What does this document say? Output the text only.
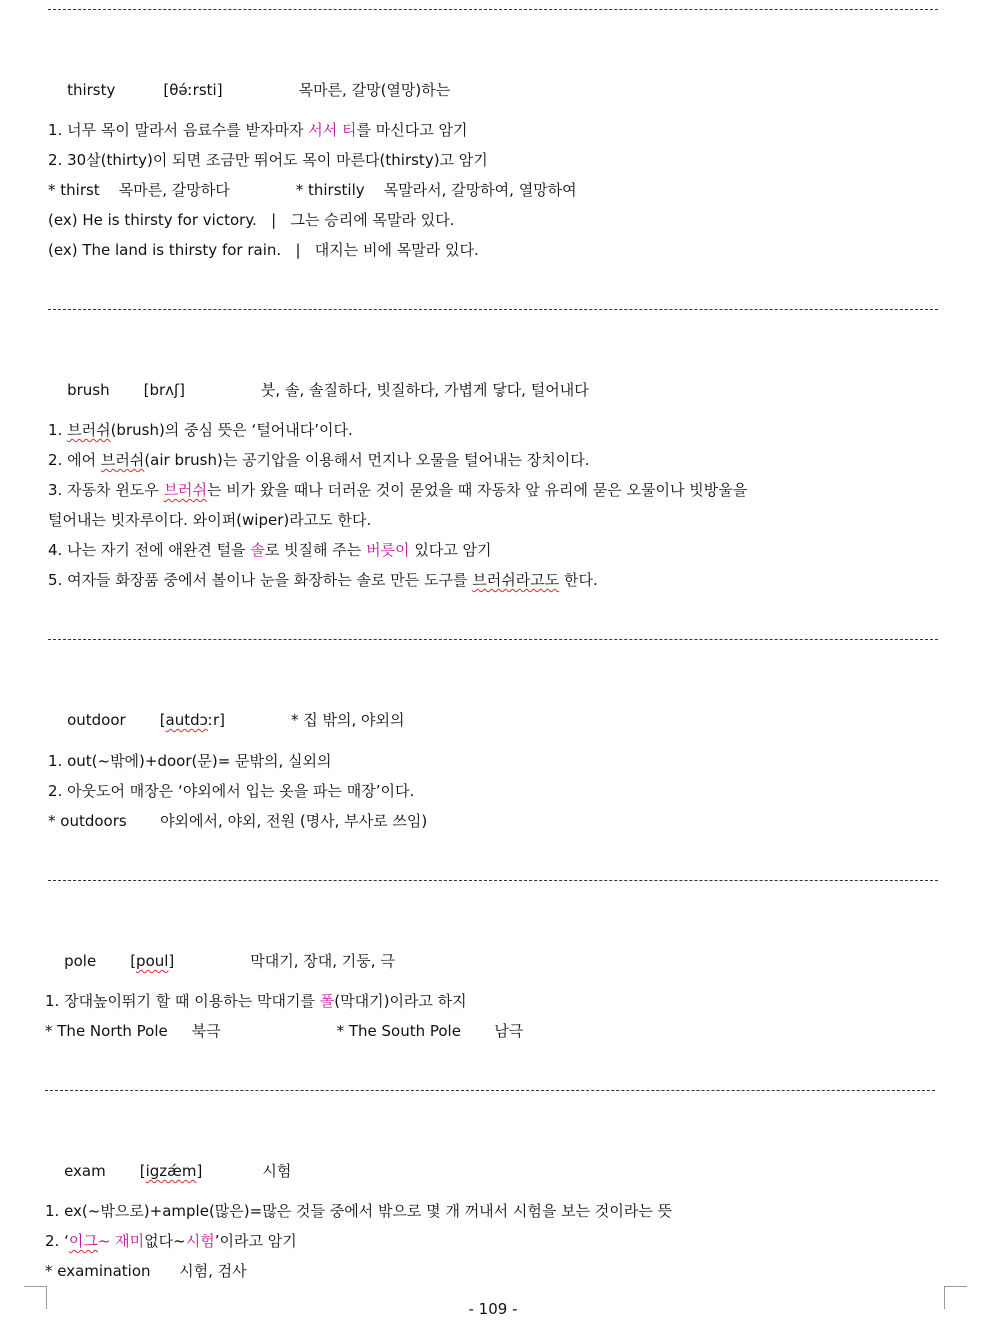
thirsty	[θə́ːrsti]	목마른, 갈망(열망)하는

1. 너무 목이 말라서 음료수를 받자마자 서서 티를 마신다고 암기
2. 30살(thirty)이 되면 조금만 뛰어도 목이 마른다(thirsty)고 암기
* thirst    목마른, 갈망하다	* thirstily    목말라서, 갈망하여, 열망하여
(ex) He is thirsty for victory.   |   그는 승리에 목말라 있다.
(ex) The land is thirsty for rain.   |   대지는 비에 목말라 있다.

brush [brʌʃ]	붓, 솔, 솔질하다, 빗질하다, 가볍게 닿다, 털어내다

1. 브러쉬(brush)의 중심 뜻은 ‘털어내다’이다.
2. 에어 브러쉬(air brush)는 공기압을 이용해서 먼지나 오물을 털어내는 장치이다.
3. 자동차 윈도우 브러쉬는 비가 왔을 때나 더러운 것이 묻었을 때 자동차 앞 유리에 묻은 오물이나 빗방울을
털어내는 빗자루이다. 와이퍼(wiper)라고도 한다.
4. 나는 자기 전에 애완견 털을 솔로 빗질해 주는 버릇이 있다고 암기
5. 여자들 화장품 중에서 볼이나 눈을 화장하는 솔로 만든 도구를 브러쉬라고도 한다.

outdoor [autdɔːr]	* 집 밖의, 야외의

1. out(~밖에)+door(문)= 문밖의, 실외의
2. 아웃도어 매장은 ‘야외에서 입는 옷을 파는 매장’이다.
* outdoors       야외에서, 야외, 전원 (명사, 부사로 쓰임)

pole [poul]	막대기, 장대, 기둥, 극

1. 장대높이뛰기 할 때 이용하는 막대기를 폴(막대기)이라고 하지
* The North Pole     북극	* The South Pole       남극

exam [igzǽm]	시험

1. ex(~밖으로)+ample(많은)=많은 것들 중에서 밖으로 몇 개 꺼내서 시험을 보는 것이라는 뜻
2. ‘이그~ 재미없다~시험’이라고 암기
* examination      시험, 검사
- 109 -
